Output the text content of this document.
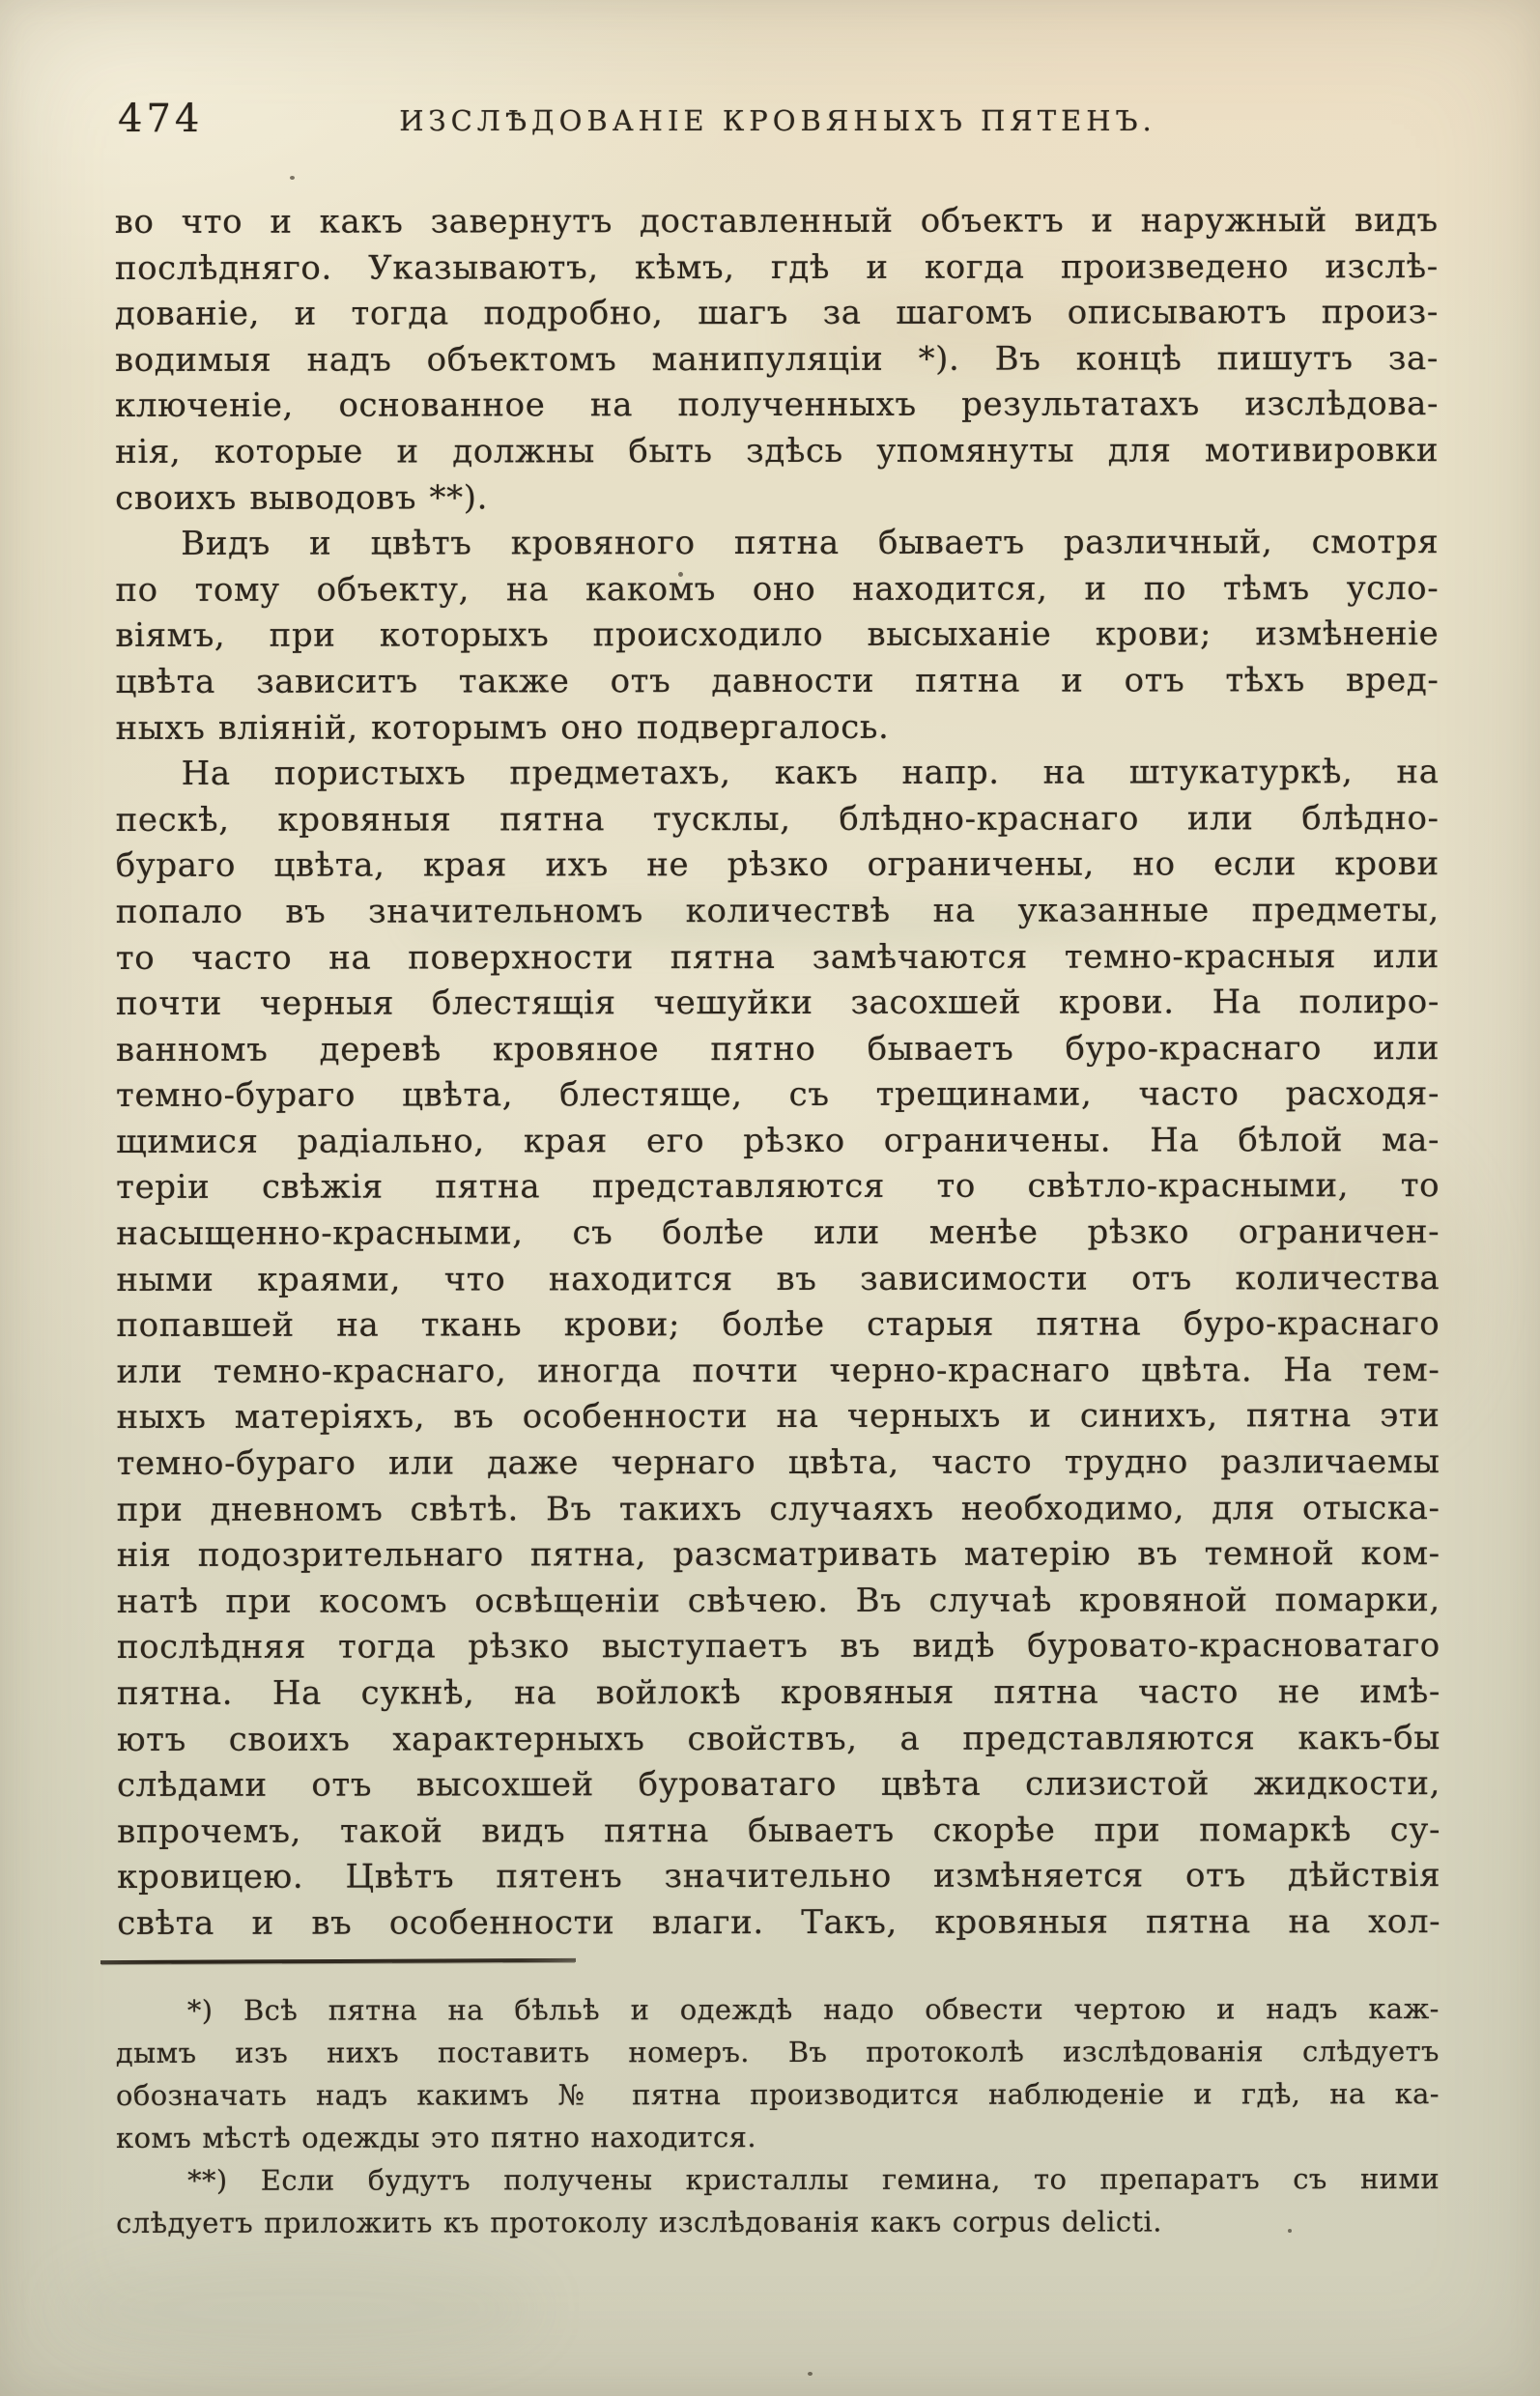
474	ИЗСЛѢДОВАНІЕ КРОВЯНЫХЪ ПЯТЕНЪ.
во что и какъ завернутъ доставленный объектъ и наружный видъ
послѣдняго. Указываютъ, кѣмъ, гдѣ и когда произведено изслѣ-
дованіе, и тогда подробно, шагъ за шагомъ описываютъ произ-
водимыя надъ объектомъ манипуляціи *). Въ концѣ пишутъ за-
ключеніе, основанное на полученныхъ результатахъ изслѣдова-
нія, которые и должны быть здѣсь упомянуты для мотивировки
своихъ выводовъ **).
Видъ и цвѣтъ кровяного пятна бываетъ различный, смотря
по тому объекту, на какомъ оно находится, и по тѣмъ усло-
віямъ, при которыхъ происходило высыханіе крови; измѣненіе
цвѣта зависитъ также отъ давности пятна и отъ тѣхъ вред-
ныхъ вліяній, которымъ оно подвергалось.
На пористыхъ предметахъ, какъ напр. на штукатуркѣ, на
пескѣ, кровяныя пятна тусклы, блѣдно-краснаго или блѣдно-
бураго цвѣта, края ихъ не рѣзко ограничены, но если крови
попало въ значительномъ количествѣ на указанные предметы,
то часто на поверхности пятна замѣчаются темно-красныя или
почти черныя блестящія чешуйки засохшей крови. На полиро-
ванномъ деревѣ кровяное пятно бываетъ буро-краснаго или
темно-бураго цвѣта, блестяще, съ трещинами, часто расходя-
щимися радіально, края его рѣзко ограничены. На бѣлой ма-
теріи свѣжія пятна представляются то свѣтло-красными, то
насыщенно-красными, съ болѣе или менѣе рѣзко ограничен-
ными краями, что находится въ зависимости отъ количества
попавшей на ткань крови; болѣе старыя пятна буро-краснаго
или темно-краснаго, иногда почти черно-краснаго цвѣта. На тем-
ныхъ матеріяхъ, въ особенности на черныхъ и синихъ, пятна эти
темно-бураго или даже чернаго цвѣта, часто трудно различаемы
при дневномъ свѣтѣ. Въ такихъ случаяхъ необходимо, для отыска-
нія подозрительнаго пятна, разсматривать матерію въ темной ком-
натѣ при косомъ освѣщеніи свѣчею. Въ случаѣ кровяной помарки,
послѣдняя тогда рѣзко выступаетъ въ видѣ буровато-красноватаго
пятна. На сукнѣ, на войлокѣ кровяныя пятна часто не имѣ-
ютъ своихъ характерныхъ свойствъ, а представляются какъ-бы
слѣдами отъ высохшей буроватаго цвѣта слизистой жидкости,
впрочемъ, такой видъ пятна бываетъ скорѣе при помаркѣ су-
кровицею. Цвѣтъ пятенъ значительно измѣняется отъ дѣйствія
свѣта и въ особенности влаги. Такъ, кровяныя пятна на хол-
*) Всѣ пятна на бѣльѣ и одеждѣ надо обвести чертою и надъ каж-
дымъ изъ нихъ поставить номеръ. Въ протоколѣ изслѣдованія слѣдуетъ
обозначать надъ какимъ № пятна производится наблюденіе и гдѣ, на ка-
комъ мѣстѣ одежды это пятно находится.
**) Если будутъ получены кристаллы гемина, то препаратъ съ ними
слѣдуетъ приложить къ протоколу изслѣдованія какъ corpus delicti.
